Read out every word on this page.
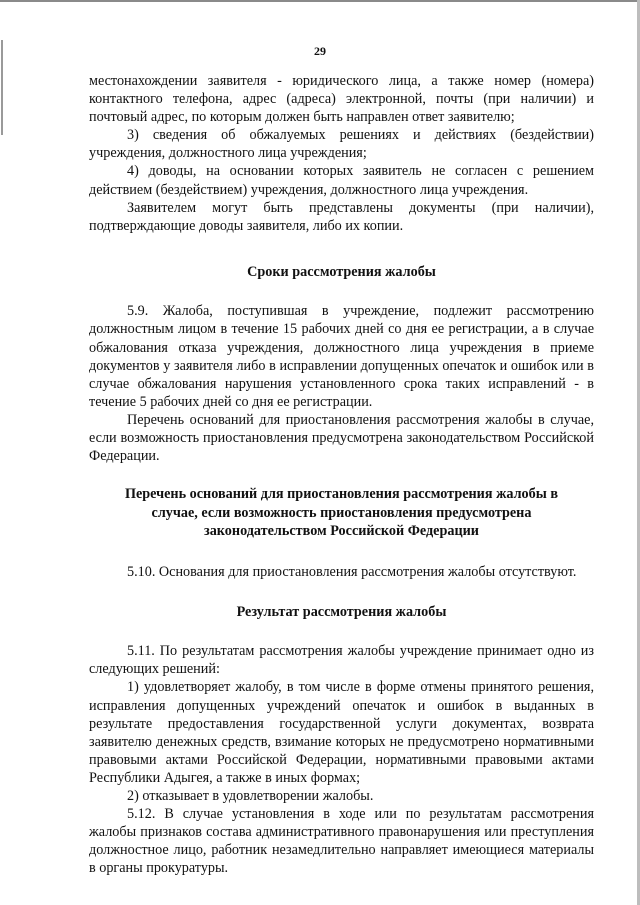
29

местонахождении заявителя - юридического лица, а также номер (номера) контактного телефона, адрес (адреса) электронной, почты (при наличии) и почтовый адрес, по которым должен быть направлен ответ заявителю;

3) сведения об обжалуемых решениях и действиях (бездействии) учреждения, должностного лица учреждения;

4) доводы, на основании которых заявитель не согласен с решением действием (бездействием) учреждения, должностного лица учреждения.

Заявителем могут быть представлены документы (при наличии), подтверждающие доводы заявителя, либо их копии.

Сроки рассмотрения жалобы

5.9. Жалоба, поступившая в учреждение, подлежит рассмотрению должностным лицом в течение 15 рабочих дней со дня ее регистрации, а в случае обжалования отказа учреждения, должностного лица учреждения в приеме документов у заявителя либо в исправлении допущенных опечаток и ошибок или в случае обжалования нарушения установленного срока таких исправлений - в течение 5 рабочих дней со дня ее регистрации.

Перечень оснований для приостановления рассмотрения жалобы в случае, если возможность приостановления предусмотрена законодательством Российской Федерации.

Перечень оснований для приостановления рассмотрения жалобы в
случае, если возможность приостановления предусмотрена
законодательством Российской Федерации

5.10. Основания для приостановления рассмотрения жалобы отсутствуют.

Результат рассмотрения жалобы

5.11. По результатам рассмотрения жалобы учреждение принимает одно из следующих решений:

1) удовлетворяет жалобу, в том числе в форме отмены принятого решения, исправления допущенных учреждений опечаток и ошибок в выданных в результате предоставления государственной услуги документах, возврата заявителю денежных средств, взимание которых не предусмотрено нормативными правовыми актами Российской Федерации, нормативными правовыми актами Республики Адыгея, а также в иных формах;

2) отказывает в удовлетворении жалобы.

5.12. В случае установления в ходе или по результатам рассмотрения жалобы признаков состава административного правонарушения или преступления должностное лицо, работник незамедлительно направляет имеющиеся материалы в органы прокуратуры.
